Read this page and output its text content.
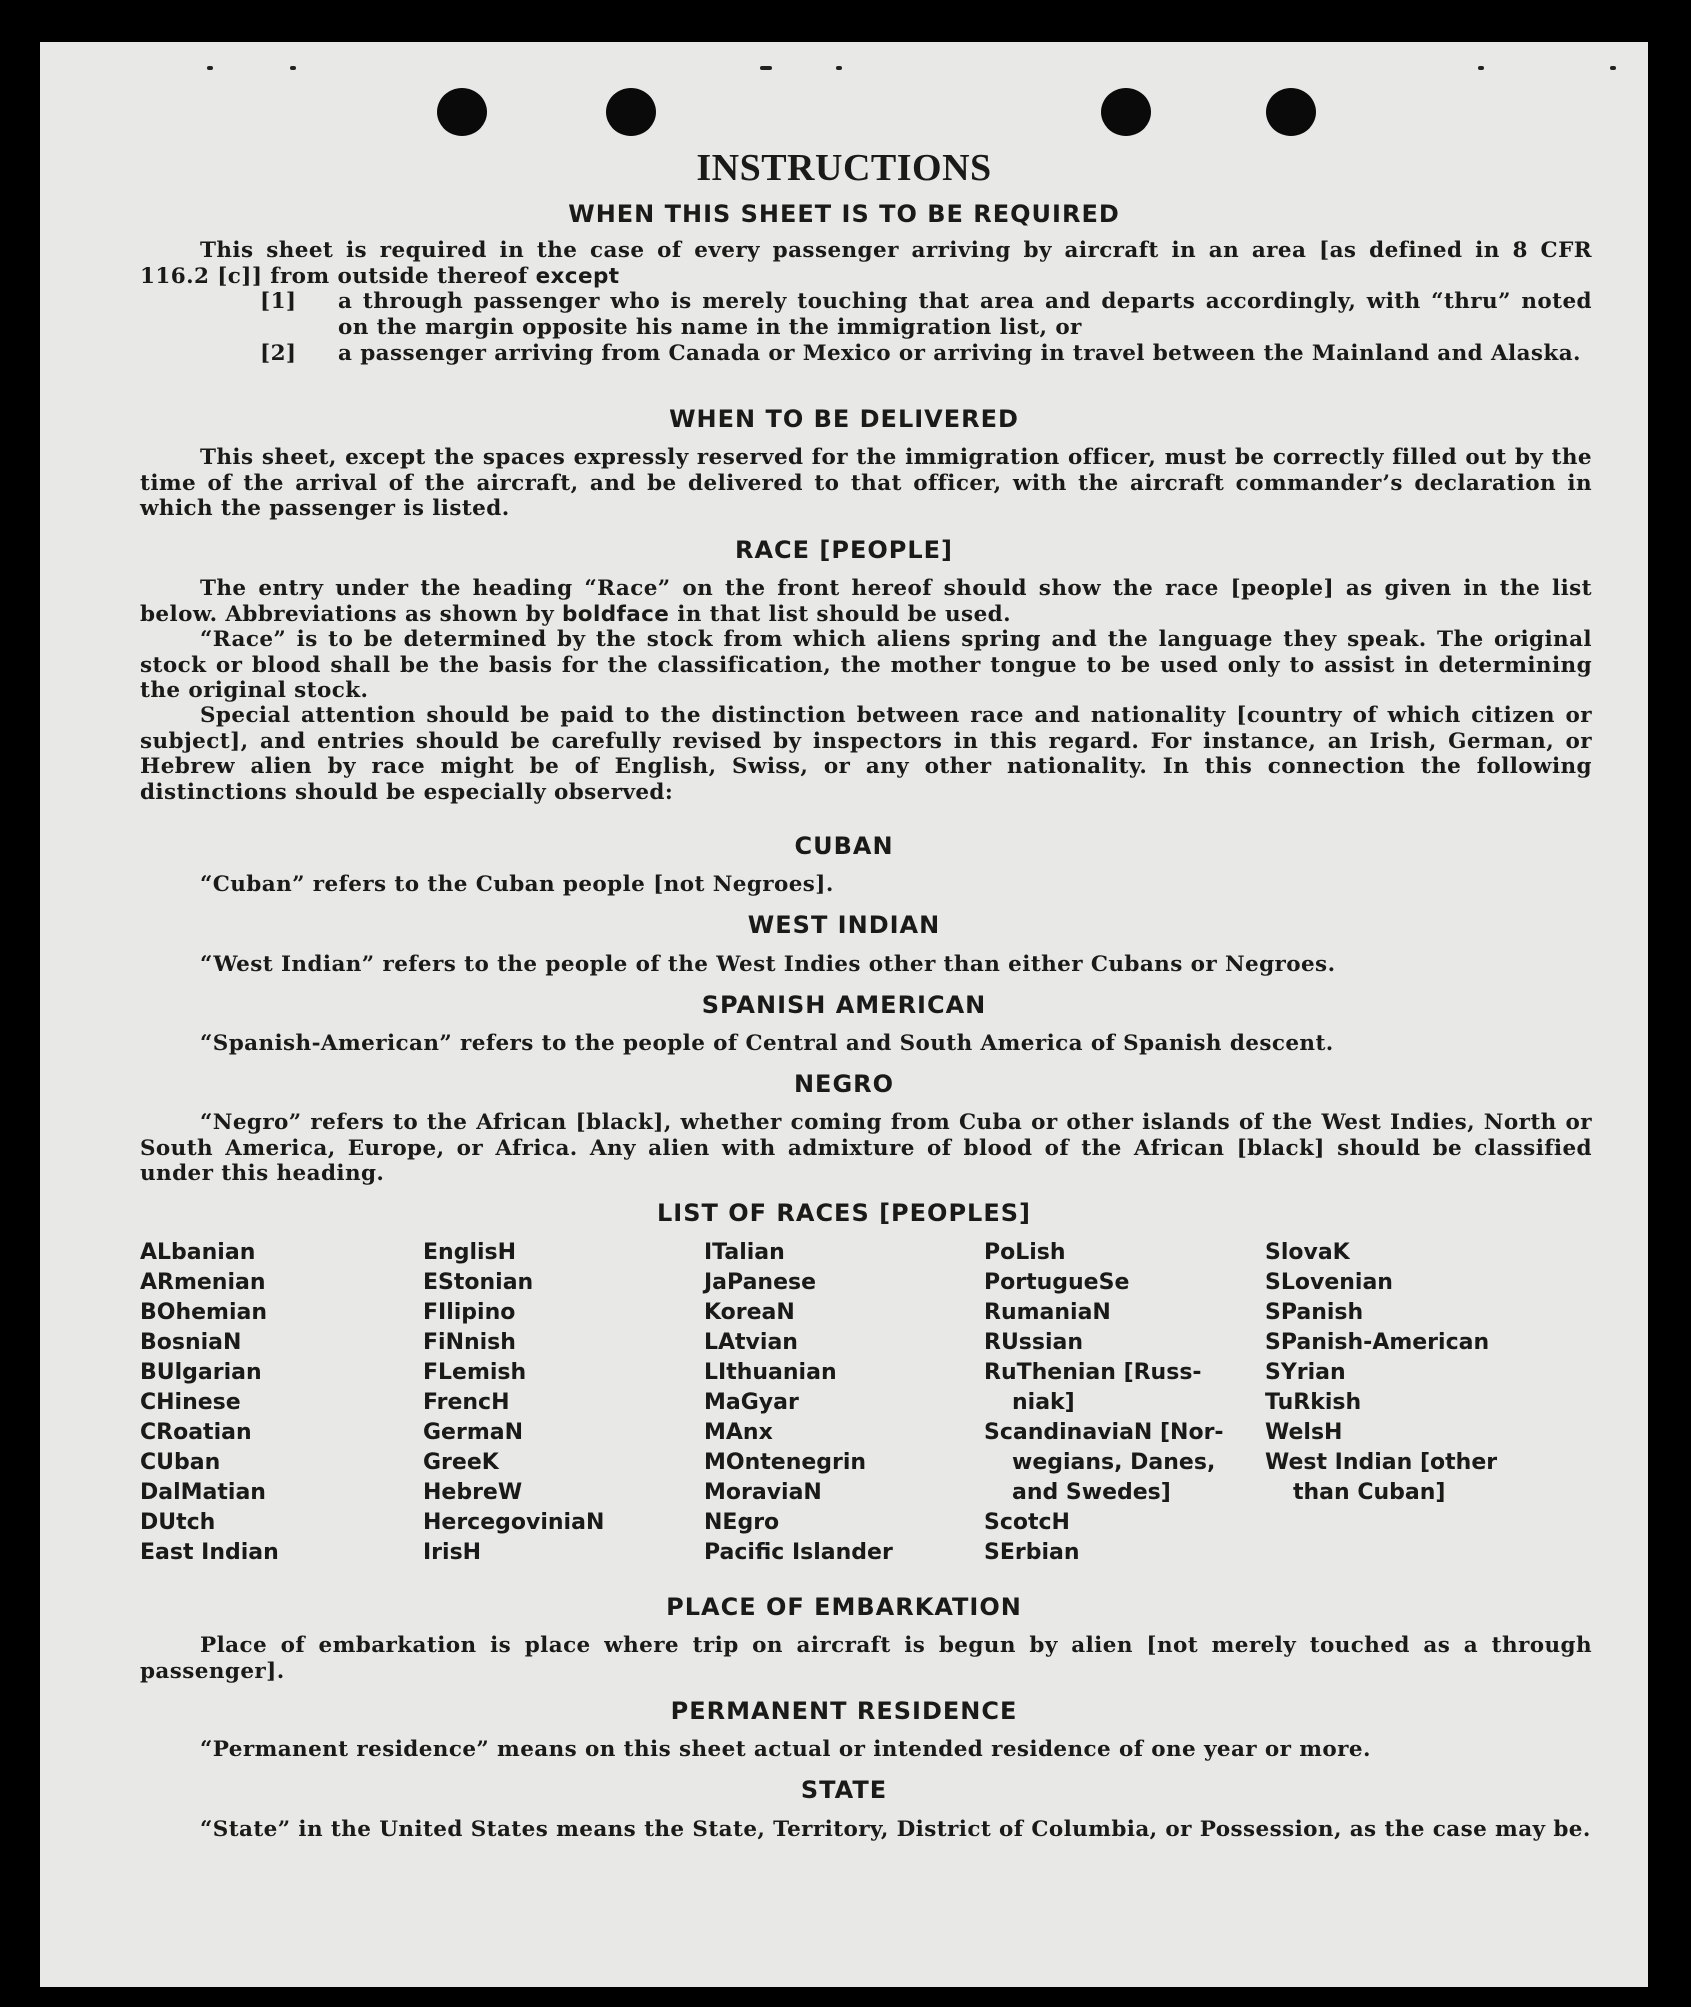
INSTRUCTIONS
WHEN THIS SHEET IS TO BE REQUIRED
This sheet is required in the case of every passenger arriving by aircraft in an area [as defined in 8 CFR
116.2 [c]] from outside thereof except
[1] a through passenger who is merely touching that area and departs accordingly, with “thru” noted on the margin opposite his name in the immigration list, or
[2] a passenger arriving from Canada or Mexico or arriving in travel between the Mainland and Alaska.
WHEN TO BE DELIVERED
This sheet, except the spaces expressly reserved for the immigration officer, must be correctly filled out by the time of the arrival of the aircraft, and be delivered to that officer, with the aircraft commander’s declaration in which the passenger is listed.
RACE [PEOPLE]
The entry under the heading “Race” on the front hereof should show the race [people] as given in the list below. Abbreviations as shown by boldface in that list should be used.
“Race” is to be determined by the stock from which aliens spring and the language they speak. The original stock or blood shall be the basis for the classification, the mother tongue to be used only to assist in determining the original stock.
Special attention should be paid to the distinction between race and nationality [country of which citizen or subject], and entries should be carefully revised by inspectors in this regard. For instance, an Irish, German, or Hebrew alien by race might be of English, Swiss, or any other nationality. In this connection the following distinctions should be especially observed:
CUBAN
“Cuban” refers to the Cuban people [not Negroes].
WEST INDIAN
“West Indian” refers to the people of the West Indies other than either Cubans or Negroes.
SPANISH AMERICAN
“Spanish-American” refers to the people of Central and South America of Spanish descent.
NEGRO
“Negro” refers to the African [black], whether coming from Cuba or other islands of the West Indies, North or South America, Europe, or Africa. Any alien with admixture of blood of the African [black] should be classified under this heading.
LIST OF RACES [PEOPLES]
ALbanian
ARmenian
BOhemian
BosniaN
BUlgarian
CHinese
CRoatian
CUban
DalMatian
DUtch
East Indian
EnglisH
EStonian
FIlipino
FiNnish
FLemish
FrencH
GermaN
GreeK
HebreW
HercegoviniaN
IrisH
ITalian
JaPanese
KoreaN
LAtvian
LIthuanian
MaGyar
MAnx
MOntenegrin
MoraviaN
NEgro
Pacific Islander
PoLish
PortugueSe
RumaniaN
RUssian
RuThenian [Russ-
niak]
ScandinaviaN [Nor-
wegians, Danes,
and Swedes]
ScotcH
SErbian
SlovaK
SLovenian
SPanish
SPanish-American
SYrian
TuRkish
WelsH
West Indian [other
than Cuban]
PLACE OF EMBARKATION
Place of embarkation is place where trip on aircraft is begun by alien [not merely touched as a through passenger].
PERMANENT RESIDENCE
“Permanent residence” means on this sheet actual or intended residence of one year or more.
STATE
“State” in the United States means the State, Territory, District of Columbia, or Possession, as the case may be.
